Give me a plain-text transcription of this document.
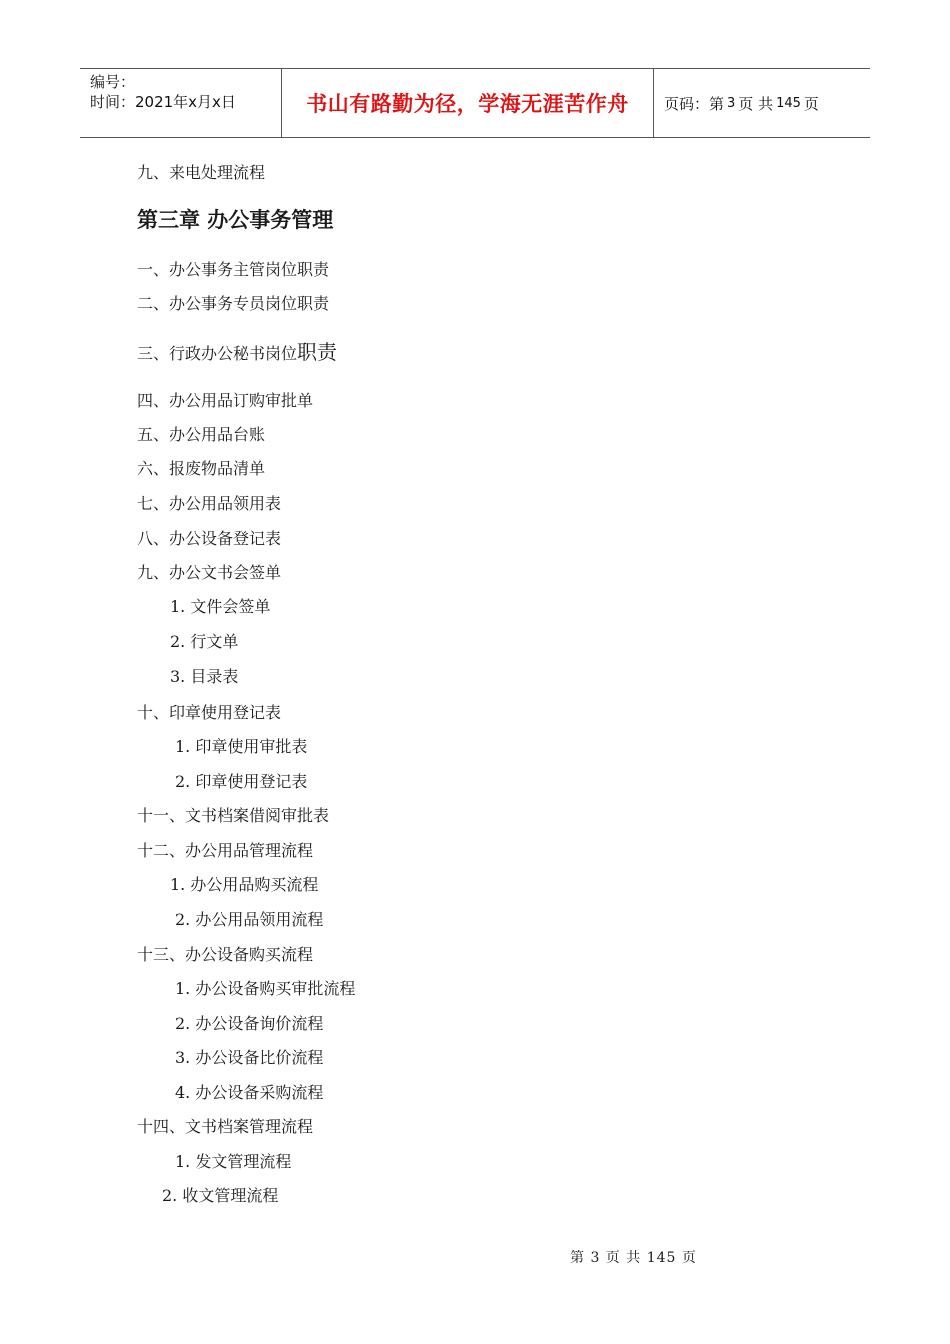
编号：
时间：2021年x月x日	书山有路勤为径，学海无涯苦作舟 页码：第 3 页 共 145 页
九、来电处理流程
第三章 办公事务管理
一、办公事务主管岗位职责
二、办公事务专员岗位职责
三、行政办公秘书岗位职责
四、办公用品订购审批单
五、办公用品台账
六、报废物品清单
七、办公用品领用表
八、办公设备登记表
九、办公文书会签单
1. 文件会签单
2. 行文单
3. 目录表
十、印章使用登记表
1. 印章使用审批表
2. 印章使用登记表
十一、文书档案借阅审批表
十二、办公用品管理流程
1. 办公用品购买流程
2. 办公用品领用流程
十三、办公设备购买流程
1. 办公设备购买审批流程
2. 办公设备询价流程
3. 办公设备比价流程
4. 办公设备采购流程
十四、文书档案管理流程
1. 发文管理流程
2. 收文管理流程
第 3 页 共 145 页
